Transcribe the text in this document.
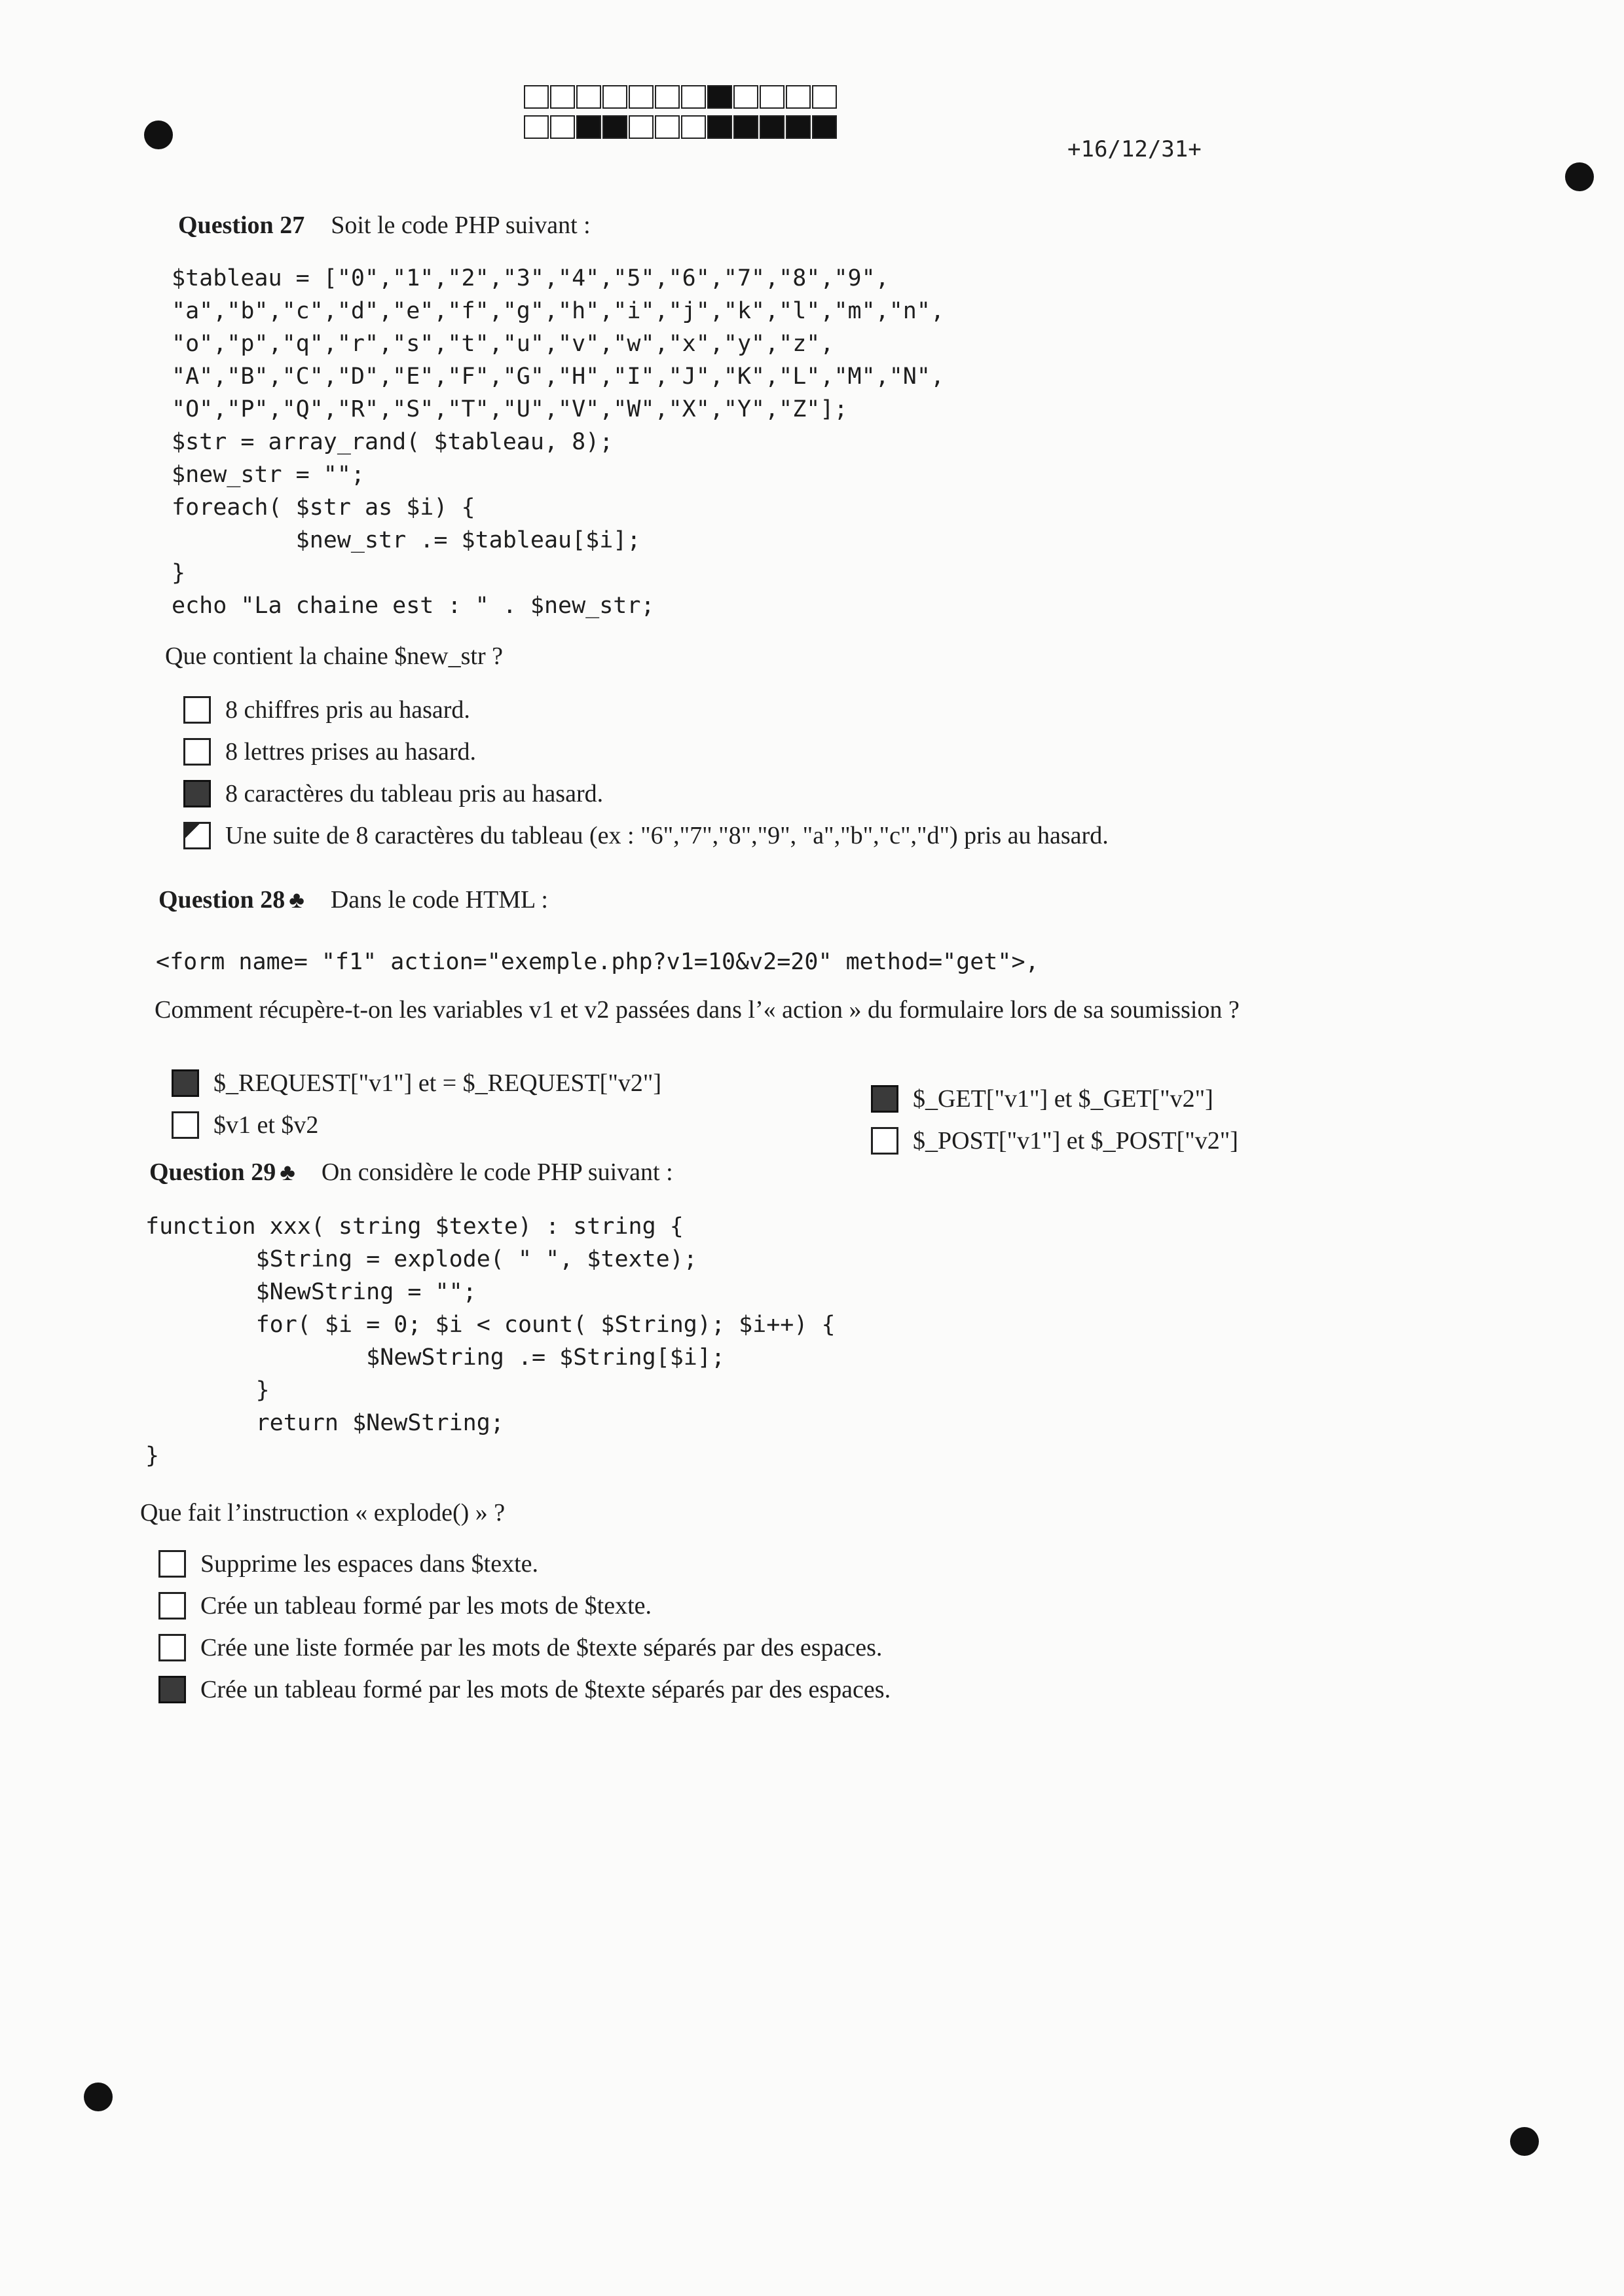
+16/12/31+
Question 27 Soit le code PHP suivant :
$tableau = ["0","1","2","3","4","5","6","7","8","9",
"a","b","c","d","e","f","g","h","i","j","k","l","m","n",
"o","p","q","r","s","t","u","v","w","x","y","z",
"A","B","C","D","E","F","G","H","I","J","K","L","M","N",
"O","P","Q","R","S","T","U","V","W","X","Y","Z"];
$str = array_rand( $tableau, 8);
$new_str = "";
foreach( $str as $i) {
$new_str .= $tableau[$i];
}
echo "La chaine est : " . $new_str;
Que contient la chaine $new_str ?
8 chiffres pris au hasard.
8 lettres prises au hasard.
8 caractères du tableau pris au hasard.
Une suite de 8 caractères du tableau (ex : "6","7","8","9", "a","b","c","d") pris au hasard.
Question 28 ♣ Dans le code HTML :
<form name= "f1" action="exemple.php?v1=10&v2=20" method="get">,
Comment récupère-t-on les variables v1 et v2 passées dans l’« action » du formulaire lors de sa soumission ?
$_REQUEST["v1"] et = $_REQUEST["v2"]
$v1 et $v2
$_GET["v1"] et $_GET["v2"]
$_POST["v1"] et $_POST["v2"]
Question 29 ♣ On considère le code PHP suivant :
function xxx( string $texte) : string {
$String = explode( " ", $texte);
$NewString = "";
for( $i = 0; $i < count( $String); $i++) {
$NewString .= $String[$i];
}
return $NewString;
}
Que fait l’instruction « explode() » ?
Supprime les espaces dans $texte.
Crée un tableau formé par les mots de $texte.
Crée une liste formée par les mots de $texte séparés par des espaces.
Crée un tableau formé par les mots de $texte séparés par des espaces.
